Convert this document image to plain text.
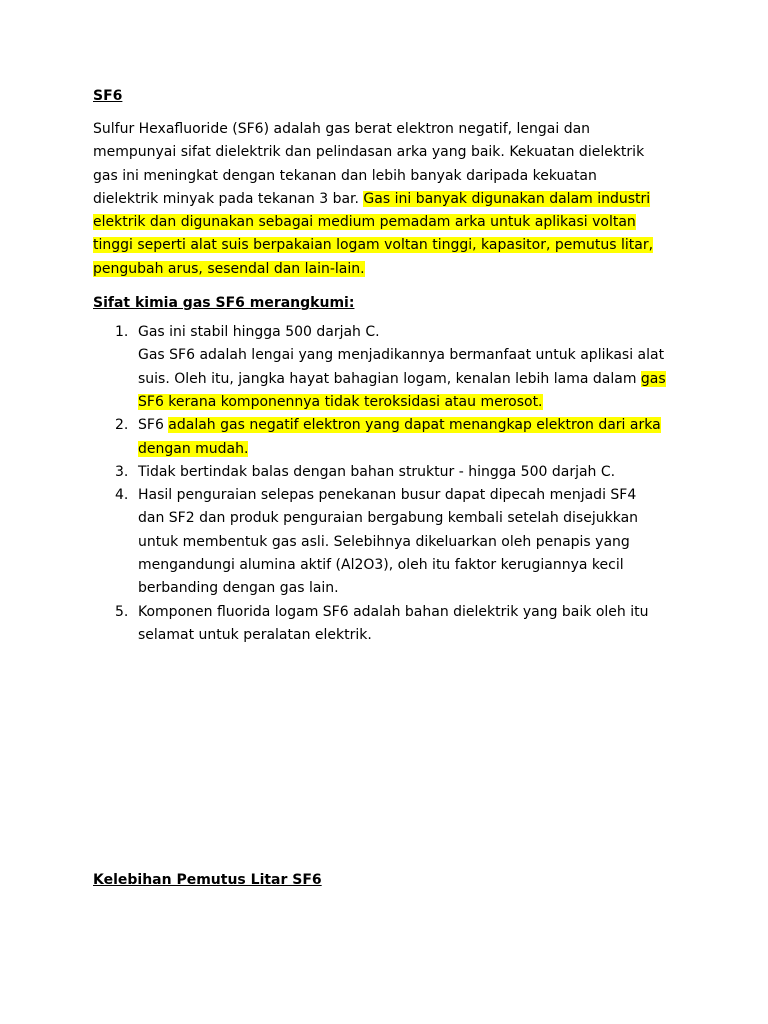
SF6

Sulfur Hexafluoride (SF6) adalah gas berat elektron negatif, lengai dan
mempunyai sifat dielektrik dan pelindasan arka yang baik. Kekuatan dielektrik
gas ini meningkat dengan tekanan dan lebih banyak daripada kekuatan
dielektrik minyak pada tekanan 3 bar. Gas ini banyak digunakan dalam industri
elektrik dan digunakan sebagai medium pemadam arka untuk aplikasi voltan
tinggi seperti alat suis berpakaian logam voltan tinggi, kapasitor, pemutus litar,
pengubah arus, sesendal dan lain-lain.

Sifat kimia gas SF6 merangkumi:

1. Gas ini stabil hingga 500 darjah C.
Gas SF6 adalah lengai yang menjadikannya bermanfaat untuk aplikasi alat
suis. Oleh itu, jangka hayat bahagian logam, kenalan lebih lama dalam gas
SF6 kerana komponennya tidak teroksidasi atau merosot.
2. SF6 adalah gas negatif elektron yang dapat menangkap elektron dari arka
dengan mudah.
3. Tidak bertindak balas dengan bahan struktur - hingga 500 darjah C.
4. Hasil penguraian selepas penekanan busur dapat dipecah menjadi SF4
dan SF2 dan produk penguraian bergabung kembali setelah disejukkan
untuk membentuk gas asli. Selebihnya dikeluarkan oleh penapis yang
mengandungi alumina aktif (Al2O3), oleh itu faktor kerugiannya kecil
berbanding dengan gas lain.
5. Komponen fluorida logam SF6 adalah bahan dielektrik yang baik oleh itu
selamat untuk peralatan elektrik.

Kelebihan Pemutus Litar SF6
